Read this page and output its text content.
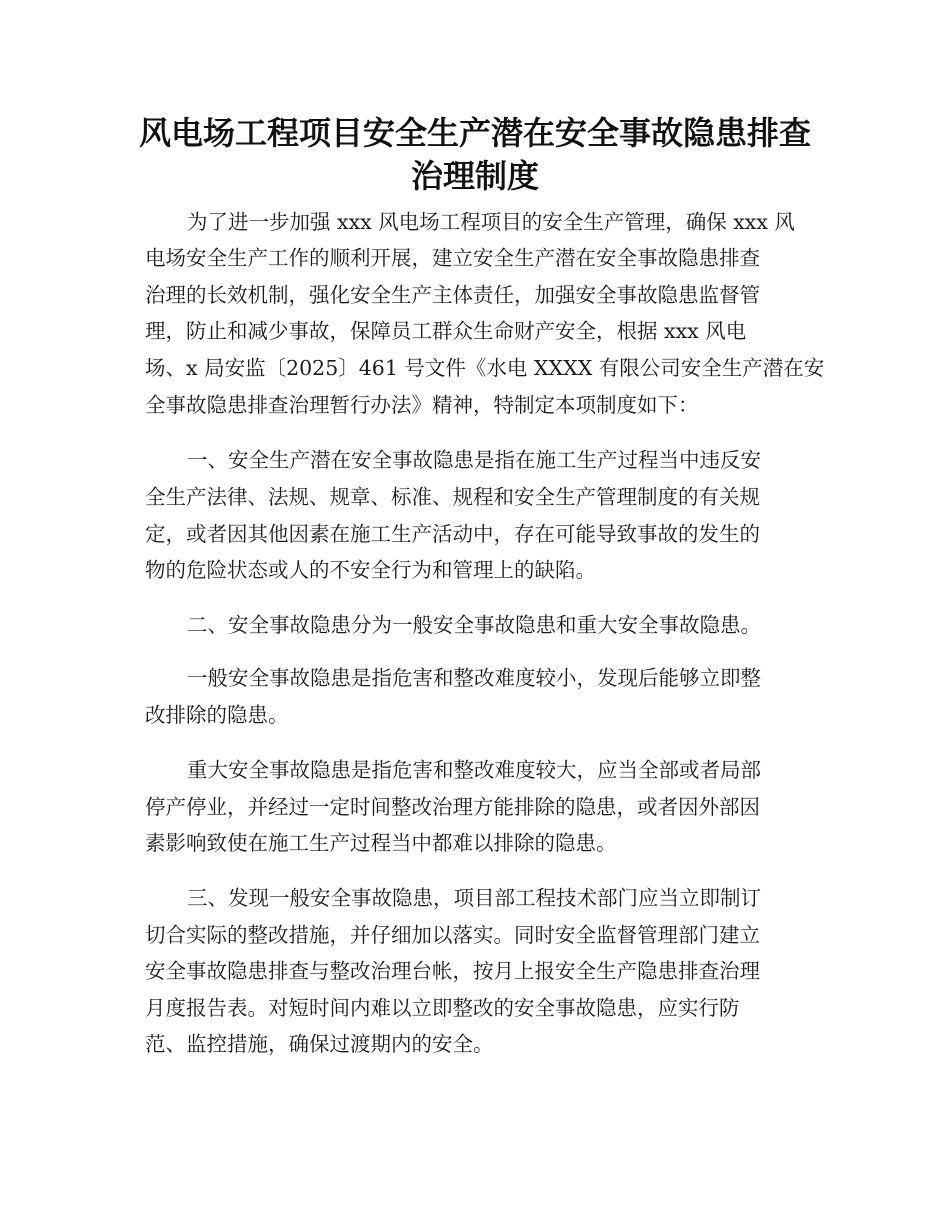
风电场工程项目安全生产潜在安全事故隐患排查
治理制度

为了进一步加强 xxx 风电场工程项目的安全生产管理，确保 xxx 风

电场安全生产工作的顺利开展，建立安全生产潜在安全事故隐患排查

治理的长效机制，强化安全生产主体责任，加强安全事故隐患监督管

理，防止和减少事故，保障员工群众生命财产安全，根据 xxx 风电

场、x 局安监〔2025〕461 号文件《水电 XXXX 有限公司安全生产潜在安

全事故隐患排查治理暂行办法》精神，特制定本项制度如下：

一、安全生产潜在安全事故隐患是指在施工生产过程当中违反安

全生产法律、法规、规章、标准、规程和安全生产管理制度的有关规

定，或者因其他因素在施工生产活动中，存在可能导致事故的发生的

物的危险状态或人的不安全行为和管理上的缺陷。

二、安全事故隐患分为一般安全事故隐患和重大安全事故隐患。

一般安全事故隐患是指危害和整改难度较小，发现后能够立即整

改排除的隐患。

重大安全事故隐患是指危害和整改难度较大，应当全部或者局部

停产停业，并经过一定时间整改治理方能排除的隐患，或者因外部因

素影响致使在施工生产过程当中都难以排除的隐患。

三、发现一般安全事故隐患，项目部工程技术部门应当立即制订

切合实际的整改措施，并仔细加以落实。同时安全监督管理部门建立

安全事故隐患排查与整改治理台帐，按月上报安全生产隐患排查治理

月度报告表。对短时间内难以立即整改的安全事故隐患，应实行防

范、监控措施，确保过渡期内的安全。
